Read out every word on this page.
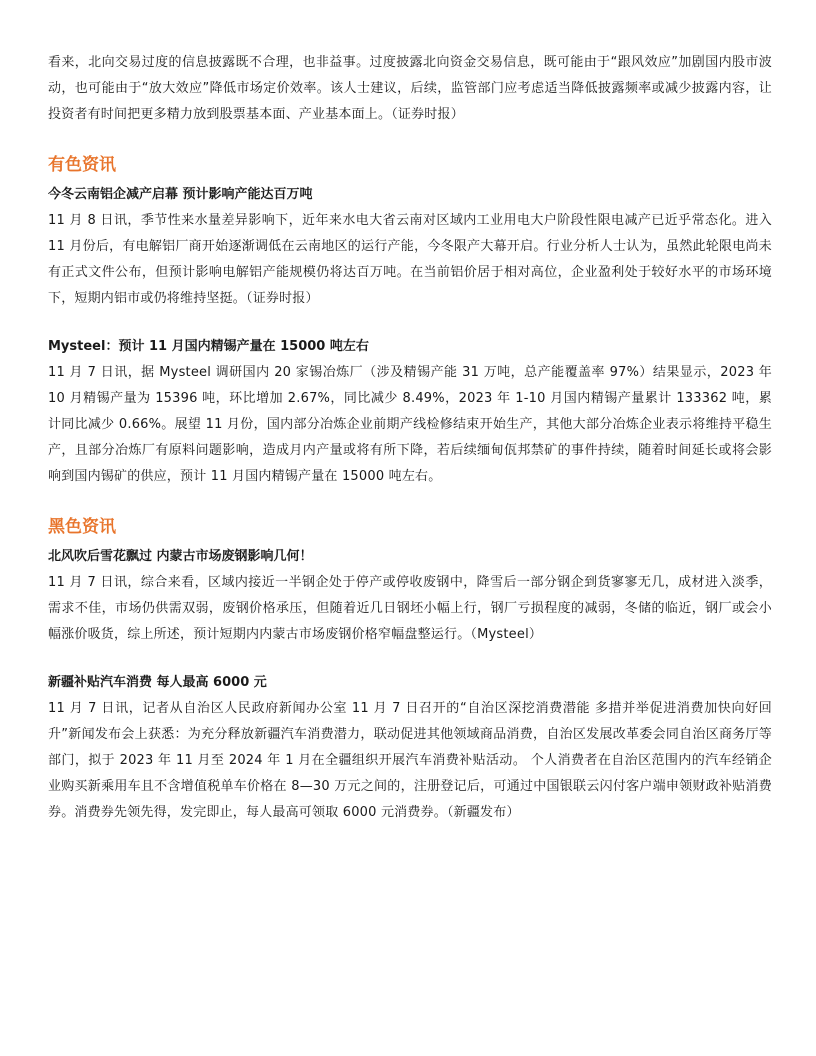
看来，北向交易过度的信息披露既不合理，也非益事。过度披露北向资金交易信息，既可能由于“跟风效应”加剧国内股市波动，也可能由于“放大效应”降低市场定价效率。该人士建议，后续，监管部门应考虑适当降低披露频率或减少披露内容，让投资者有时间把更多精力放到股票基本面、产业基本面上。（证券时报）

有色资讯
今冬云南铝企减产启幕 预计影响产能达百万吨

11 月 8 日讯，季节性来水量差异影响下，近年来水电大省云南对区域内工业用电大户阶段性限电减产已近乎常态化。进入 11 月份后，有电解铝厂商开始逐渐调低在云南地区的运行产能，今冬限产大幕开启。行业分析人士认为，虽然此轮限电尚未有正式文件公布，但预计影响电解铝产能规模仍将达百万吨。在当前铝价居于相对高位，企业盈利处于较好水平的市场环境下，短期内铝市或仍将维持坚挺。（证券时报）

Mysteel：预计 11 月国内精锡产量在 15000 吨左右

11 月 7 日讯，据 Mysteel 调研国内 20 家锡冶炼厂（涉及精锡产能 31 万吨，总产能覆盖率 97%）结果显示，2023 年 10 月精锡产量为 15396 吨，环比增加 2.67%，同比减少 8.49%，2023 年 1-10 月国内精锡产量累计 133362 吨，累计同比减少 0.66%。展望 11 月份，国内部分冶炼企业前期产线检修结束开始生产，其他大部分冶炼企业表示将维持平稳生产，且部分冶炼厂有原料问题影响，造成月内产量或将有所下降，若后续缅甸佤邦禁矿的事件持续，随着时间延长或将会影响到国内锡矿的供应，预计 11 月国内精锡产量在 15000 吨左右。

黑色资讯
北风吹后雪花飘过 内蒙古市场废钢影响几何！

11 月 7 日讯，综合来看，区域内接近一半钢企处于停产或停收废钢中，降雪后一部分钢企到货寥寥无几，成材进入淡季，需求不佳，市场仍供需双弱，废钢价格承压，但随着近几日钢坯小幅上行，钢厂亏损程度的减弱，冬储的临近，钢厂或会小幅涨价吸货，综上所述，预计短期内内蒙古市场废钢价格窄幅盘整运行。（Mysteel）

新疆补贴汽车消费 每人最高 6000 元

11 月 7 日讯，记者从自治区人民政府新闻办公室 11 月 7 日召开的“自治区深挖消费潜能 多措并举促进消费加快向好回升”新闻发布会上获悉：为充分释放新疆汽车消费潜力，联动促进其他领域商品消费，自治区发展改革委会同自治区商务厅等部门，拟于 2023 年 11 月至 2024 年 1 月在全疆组织开展汽车消费补贴活动。 个人消费者在自治区范围内的汽车经销企业购买新乘用车且不含增值税单车价格在 8—30 万元之间的，注册登记后，可通过中国银联云闪付客户端申领财政补贴消费券。消费券先领先得，发完即止，每人最高可领取 6000 元消费券。（新疆发布）
